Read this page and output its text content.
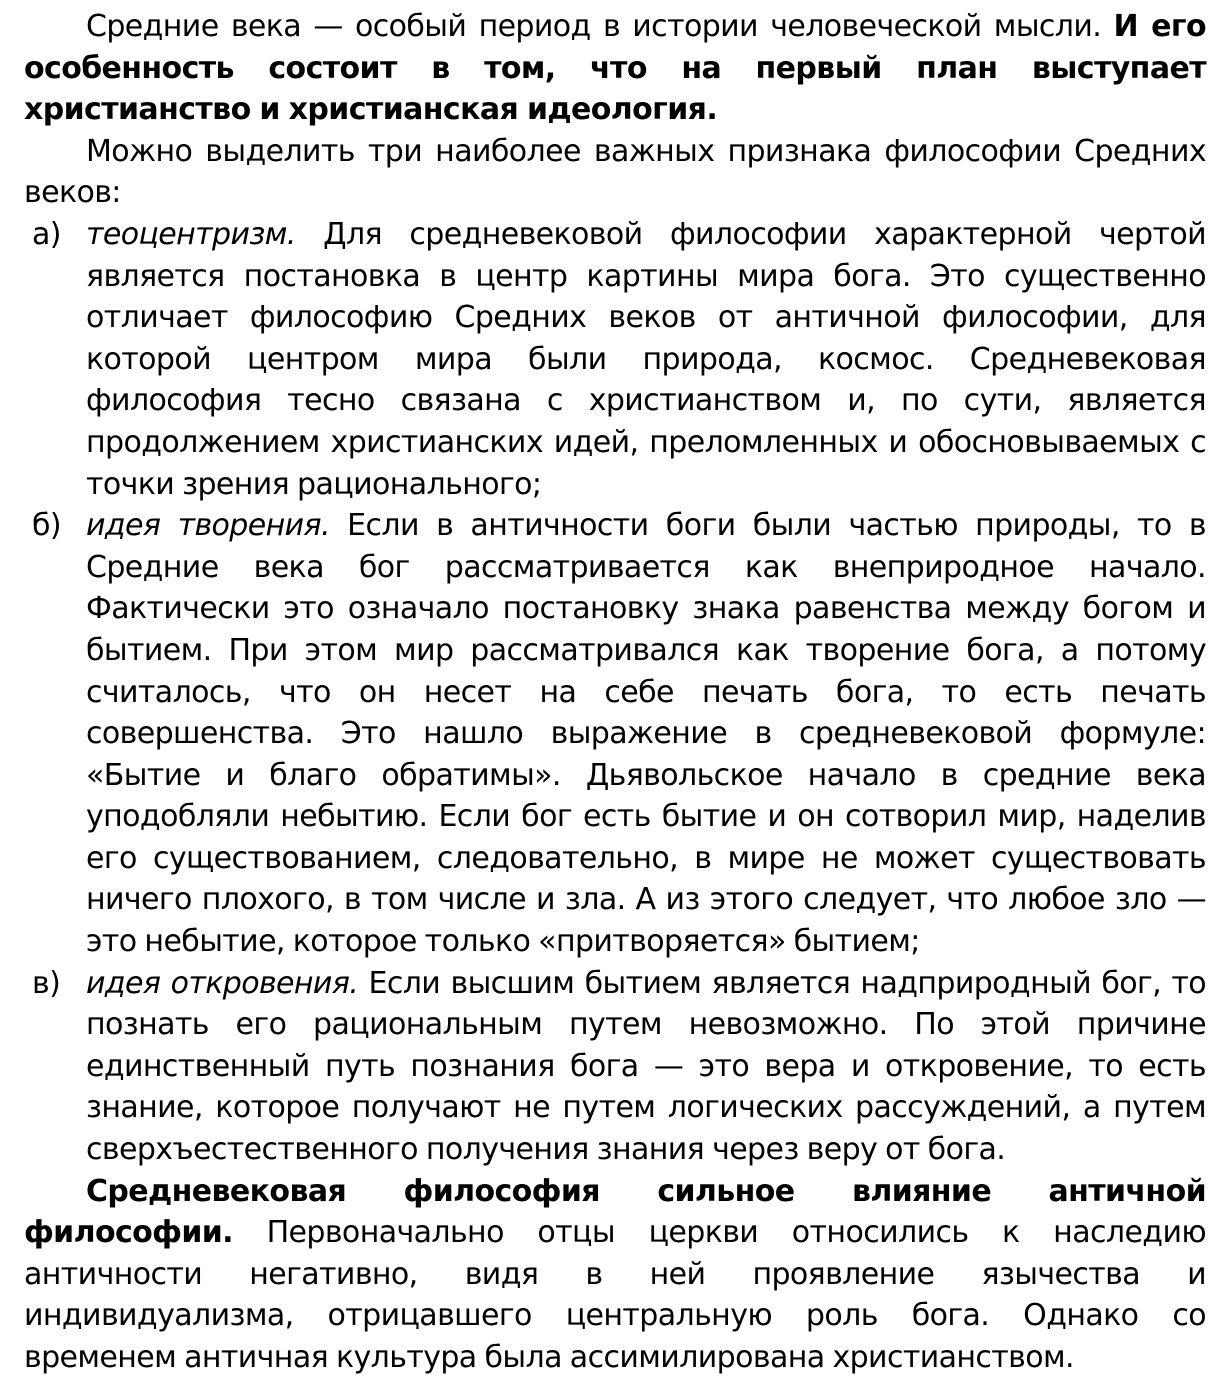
Средние века — особый период в истории человеческой мысли. И его особенность состоит в том, что на первый план выступает христианство и христианская идеология.

Можно выделить три наиболее важных признака философии Средних веков:

а) теоцентризм. Для средневековой философии характерной чертой является постановка в центр картины мира бога. Это существенно отличает философию Средних веков от античной философии, для которой центром мира были природа, космос. Средневековая философия тесно связана с христианством и, по сути, является продолжением христианских идей, преломленных и обосновываемых с точки зрения рационального;
б) идея творения. Если в античности боги были частью природы, то в Средние века бог рассматривается как внеприродное начало. Фактически это означало постановку знака равенства между богом и бытием. При этом мир рассматривался как творение бога, а потому считалось, что он несет на себе печать бога, то есть печать совершенства. Это нашло выражение в средневековой формуле: «Бытие и благо обратимы». Дьявольское начало в средние века уподобляли небытию. Если бог есть бытие и он сотворил мир, наделив его существованием, следовательно, в мире не может существовать ничего плохого, в том числе и зла. А из этого следует, что любое зло — это небытие, которое только «притворяется» бытием;
в) идея откровения. Если высшим бытием является надприродный бог, то познать его рациональным путем невозможно. По этой причине единственный путь познания бога — это вера и откровение, то есть знание, которое получают не путем логических рассуждений, а путем сверхъестественного получения знания через веру от бога.

Средневековая философия сильное влияние античной философии. Первоначально отцы церкви относились к наследию античности негативно, видя в ней проявление язычества и индивидуализма, отрицавшего центральную роль бога. Однако со временем античная культура была ассимилирована христианством.
